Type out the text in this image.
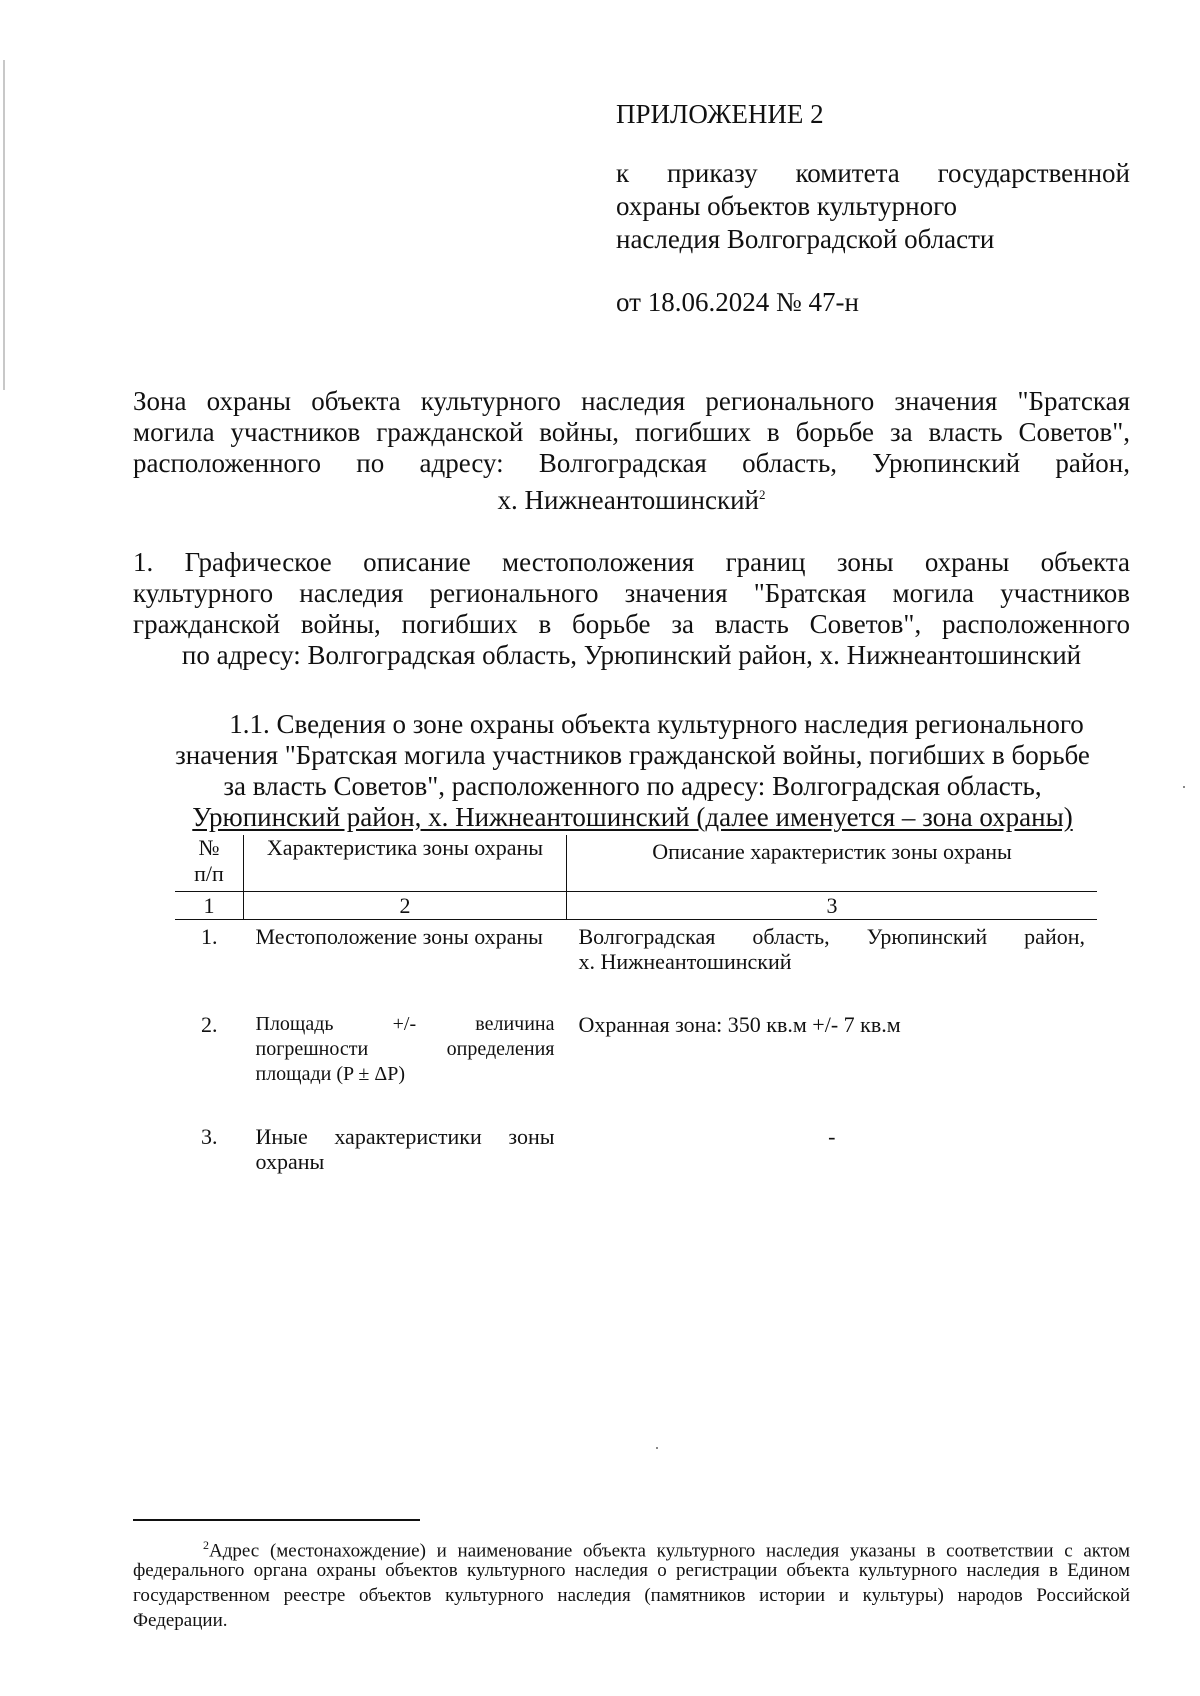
ПРИЛОЖЕНИЕ 2
к приказу комитета государственной
охраны объектов культурного
наследия Волгоградской области
от 18.06.2024 № 47-н
Зона охраны объекта культурного наследия регионального значения "Братская
могила участников гражданской войны, погибших в борьбе за власть Советов",
расположенного по адресу: Волгоградская область, Урюпинский район,
х. Нижнеантошинский$^2$
1. Графическое описание местоположения границ зоны охраны объекта
культурного наследия регионального значения "Братская могила участников
гражданской войны, погибших в борьбе за власть Советов", расположенного
по адресу: Волгоградская область, Урюпинский район, х. Нижнеантошинский
1.1. Сведения о зоне охраны объекта культурного наследия регионального
значения "Братская могила участников гражданской войны, погибших в борьбе
за власть Советов", расположенного по адресу: Волгоградская область,
Урюпинский район, х. Нижнеантошинский (далее именуется – зона охраны)
№
п/п	Характеристика зоны охраны	Описание характеристик зоны охраны
1	2	3
1.	Местоположение зоны охраны	Волгоградская область, Урюпинский район,
х. Нижнеантошинский

2.	Площадь +/- величина
погрешности определения
площади (P ± ΔP)	Охранная зона: 350 кв.м +/- 7 кв.м

3.	Иные характеристики зоны
охраны	-
$^2$Адрес (местонахождение) и наименование объекта культурного наследия указаны в соответствии с актом
федерального органа охраны объектов культурного наследия о регистрации объекта культурного наследия в Едином
государственном реестре объектов культурного наследия (памятников истории и культуры) народов Российской
Федерации.
